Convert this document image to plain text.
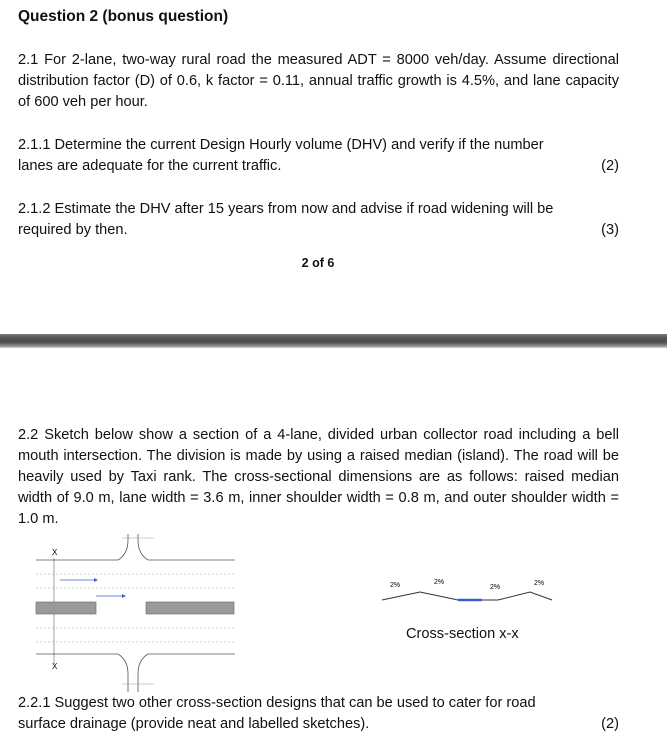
Question 2 (bonus question)
2.1 For 2-lane, two-way rural road the measured ADT = 8000 veh/day. Assume directional distribution factor (D) of 0.6, k factor = 0.11, annual traffic growth is 4.5%, and lane capacity of 600 veh per hour.
2.1.1 Determine the current Design Hourly volume (DHV) and verify if the number
lanes are adequate for the current traffic.	(2)
2.1.2 Estimate the DHV after 15 years from now and advise if road widening will be
required by then.	(3)
2 of 6
2.2 Sketch below show a section of a 4-lane, divided urban collector road including a bell mouth intersection. The division is made by using a raised median (island). The road will be heavily used by Taxi rank. The cross-sectional dimensions are as follows: raised median width of 9.0 m, lane width = 3.6 m, inner shoulder width = 0.8 m, and outer shoulder width = 1.0 m.
X
X
2%	2%
2%
2%
Cross-section x-x
2.2.1 Suggest two other cross-section designs that can be used to cater for road
surface drainage (provide neat and labelled sketches).	(2)
